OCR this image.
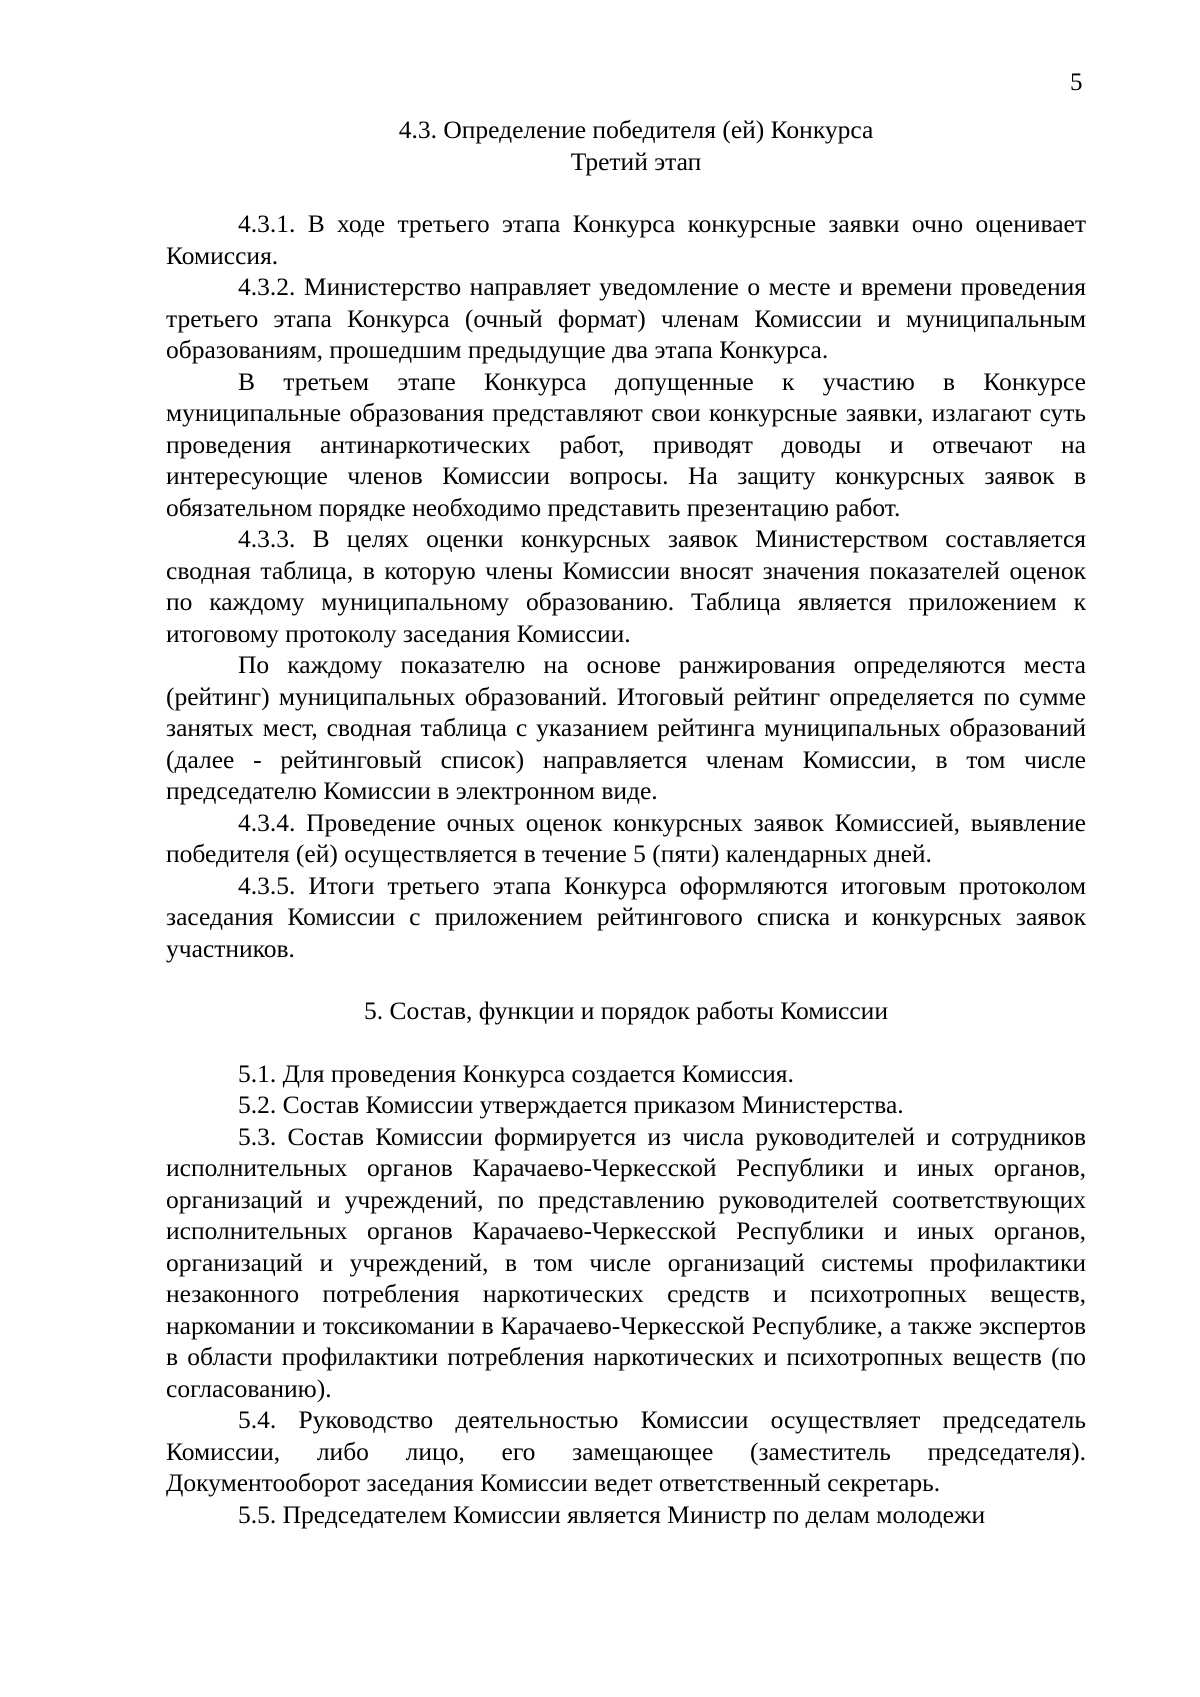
5

4.3. Определение победителя (ей) Конкурса

Третий этап

4.3.1. В ходе третьего этапа Конкурса конкурсные заявки очно оценивает Комиссия.

4.3.2. Министерство направляет уведомление о месте и времени проведения третьего этапа Конкурса (очный формат) членам Комиссии и муниципальным образованиям, прошедшим предыдущие два этапа Конкурса.

В третьем этапе Конкурса допущенные к участию в Конкурсе муниципальные образования представляют свои конкурсные заявки, излагают суть проведения антинаркотических работ, приводят доводы и отвечают на интересующие членов Комиссии вопросы. На защиту конкурсных заявок в обязательном порядке необходимо представить презентацию работ.

4.3.3. В целях оценки конкурсных заявок Министерством составляется сводная таблица, в которую члены Комиссии вносят значения показателей оценок по каждому муниципальному образованию. Таблица является приложением к итоговому протоколу заседания Комиссии.

По каждому показателю на основе ранжирования определяются места (рейтинг) муниципальных образований. Итоговый рейтинг определяется по сумме занятых мест, сводная таблица с указанием рейтинга муниципальных образований (далее - рейтинговый список) направляется членам Комиссии, в том числе председателю Комиссии в электронном виде.

4.3.4. Проведение очных оценок конкурсных заявок Комиссией, выявление победителя (ей) осуществляется в течение 5 (пяти) календарных дней.

4.3.5. Итоги третьего этапа Конкурса оформляются итоговым протоколом заседания Комиссии с приложением рейтингового списка и конкурсных заявок участников.

5. Состав, функции и порядок работы Комиссии

5.1. Для проведения Конкурса создается Комиссия.

5.2. Состав Комиссии утверждается приказом Министерства.

5.3. Состав Комиссии формируется из числа руководителей и сотрудников исполнительных органов Карачаево-Черкесской Республики и иных органов, организаций и учреждений, по представлению руководителей соответствующих исполнительных органов Карачаево-Черкесской Республики и иных органов, организаций и учреждений, в том числе организаций системы профилактики незаконного потребления наркотических средств и психотропных веществ, наркомании и токсикомании в Карачаево-Черкесской Республике, а также экспертов в области профилактики потребления наркотических и психотропных веществ (по согласованию).

5.4. Руководство деятельностью Комиссии осуществляет председатель Комиссии, либо лицо, его замещающее (заместитель председателя). Документооборот заседания Комиссии ведет ответственный секретарь.

5.5. Председателем Комиссии является Министр по делам молодежи
